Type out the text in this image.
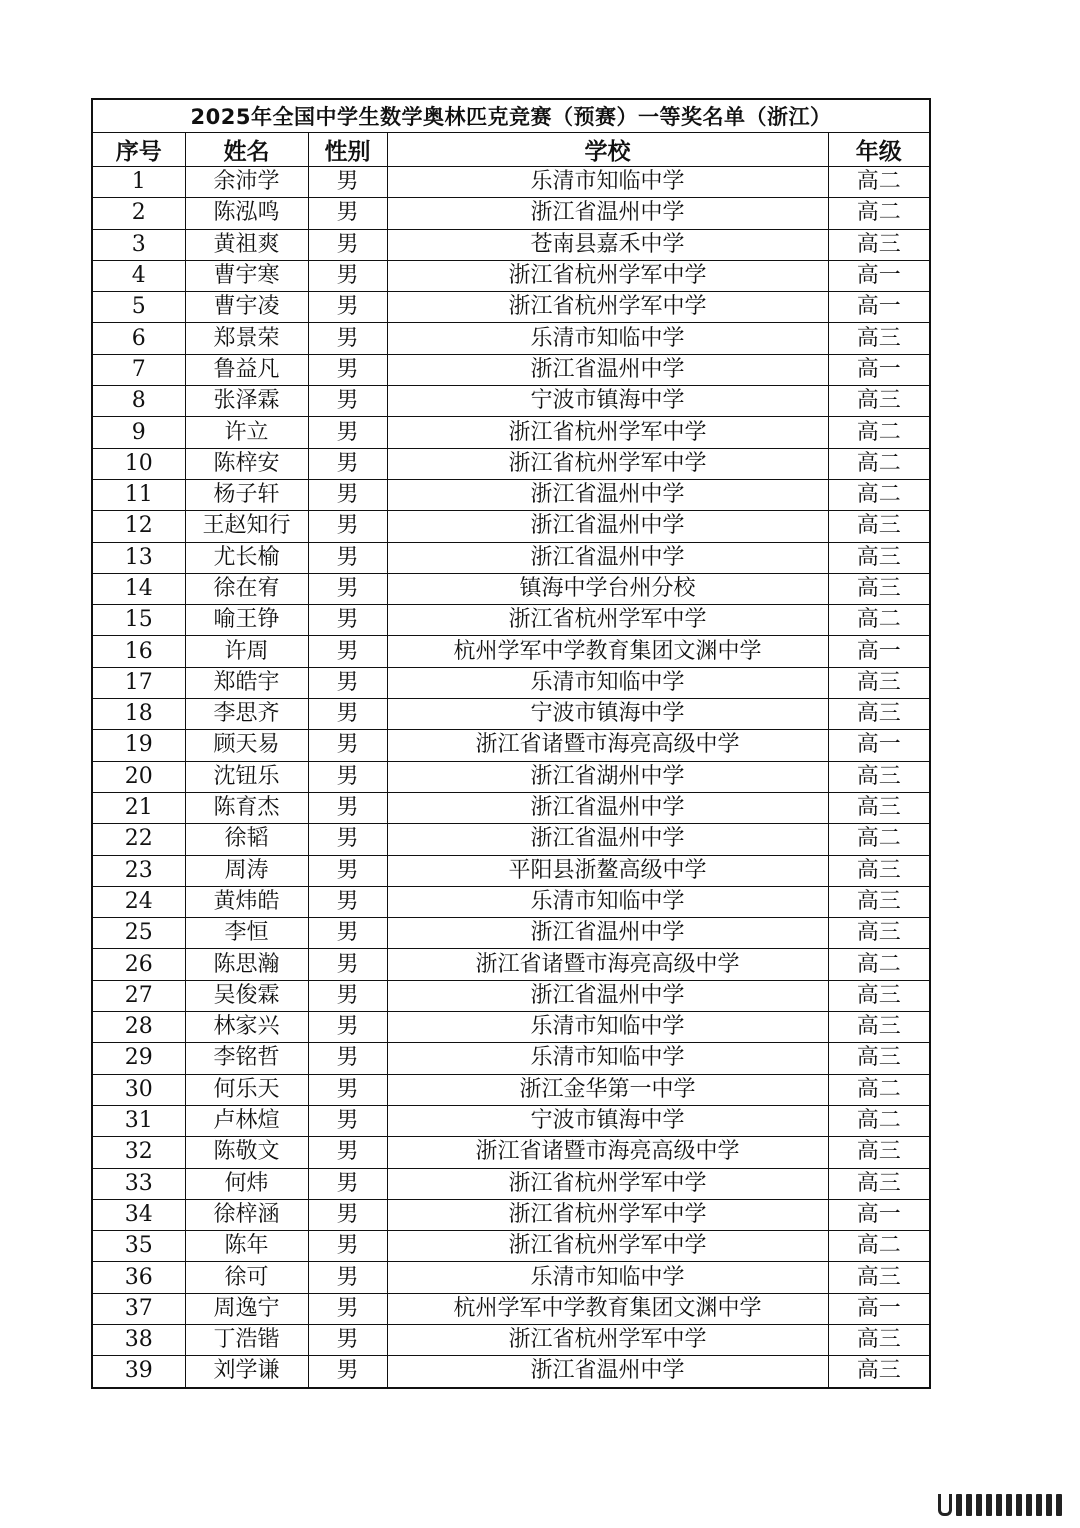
2025年全国中学生数学奥林匹克竞赛（预赛）一等奖名单（浙江）				
序号	姓名	性别	学校	年级
1	余沛学	男	乐清市知临中学	高二
2	陈泓鸣	男	浙江省温州中学	高二
3	黄祖爽	男	苍南县嘉禾中学	高三
4	曹宇寒	男	浙江省杭州学军中学	高一
5	曹宇凌	男	浙江省杭州学军中学	高一
6	郑景荣	男	乐清市知临中学	高三
7	鲁益凡	男	浙江省温州中学	高一
8	张泽霖	男	宁波市镇海中学	高三
9	许立	男	浙江省杭州学军中学	高二
10	陈梓安	男	浙江省杭州学军中学	高二
11	杨子轩	男	浙江省温州中学	高二
12	王赵知行	男	浙江省温州中学	高三
13	尤长榆	男	浙江省温州中学	高三
14	徐在宥	男	镇海中学台州分校	高三
15	喻王铮	男	浙江省杭州学军中学	高二
16	许周	男	杭州学军中学教育集团文渊中学	高一
17	郑皓宇	男	乐清市知临中学	高三
18	李思齐	男	宁波市镇海中学	高三
19	顾天易	男	浙江省诸暨市海亮高级中学	高一
20	沈钮乐	男	浙江省湖州中学	高三
21	陈育杰	男	浙江省温州中学	高三
22	徐韬	男	浙江省温州中学	高二
23	周涛	男	平阳县浙鳌高级中学	高三
24	黄炜皓	男	乐清市知临中学	高三
25	李恒	男	浙江省温州中学	高三
26	陈思瀚	男	浙江省诸暨市海亮高级中学	高二
27	吴俊霖	男	浙江省温州中学	高三
28	林家兴	男	乐清市知临中学	高三
29	李铭哲	男	乐清市知临中学	高三
30	何乐天	男	浙江金华第一中学	高二
31	卢林煊	男	宁波市镇海中学	高二
32	陈敬文	男	浙江省诸暨市海亮高级中学	高三
33	何炜	男	浙江省杭州学军中学	高三
34	徐梓涵	男	浙江省杭州学军中学	高一
35	陈年	男	浙江省杭州学军中学	高二
36	徐可	男	乐清市知临中学	高三
37	周逸宁	男	杭州学军中学教育集团文渊中学	高一
38	丁浩锴	男	浙江省杭州学军中学	高三
39	刘学谦	男	浙江省温州中学	高三
